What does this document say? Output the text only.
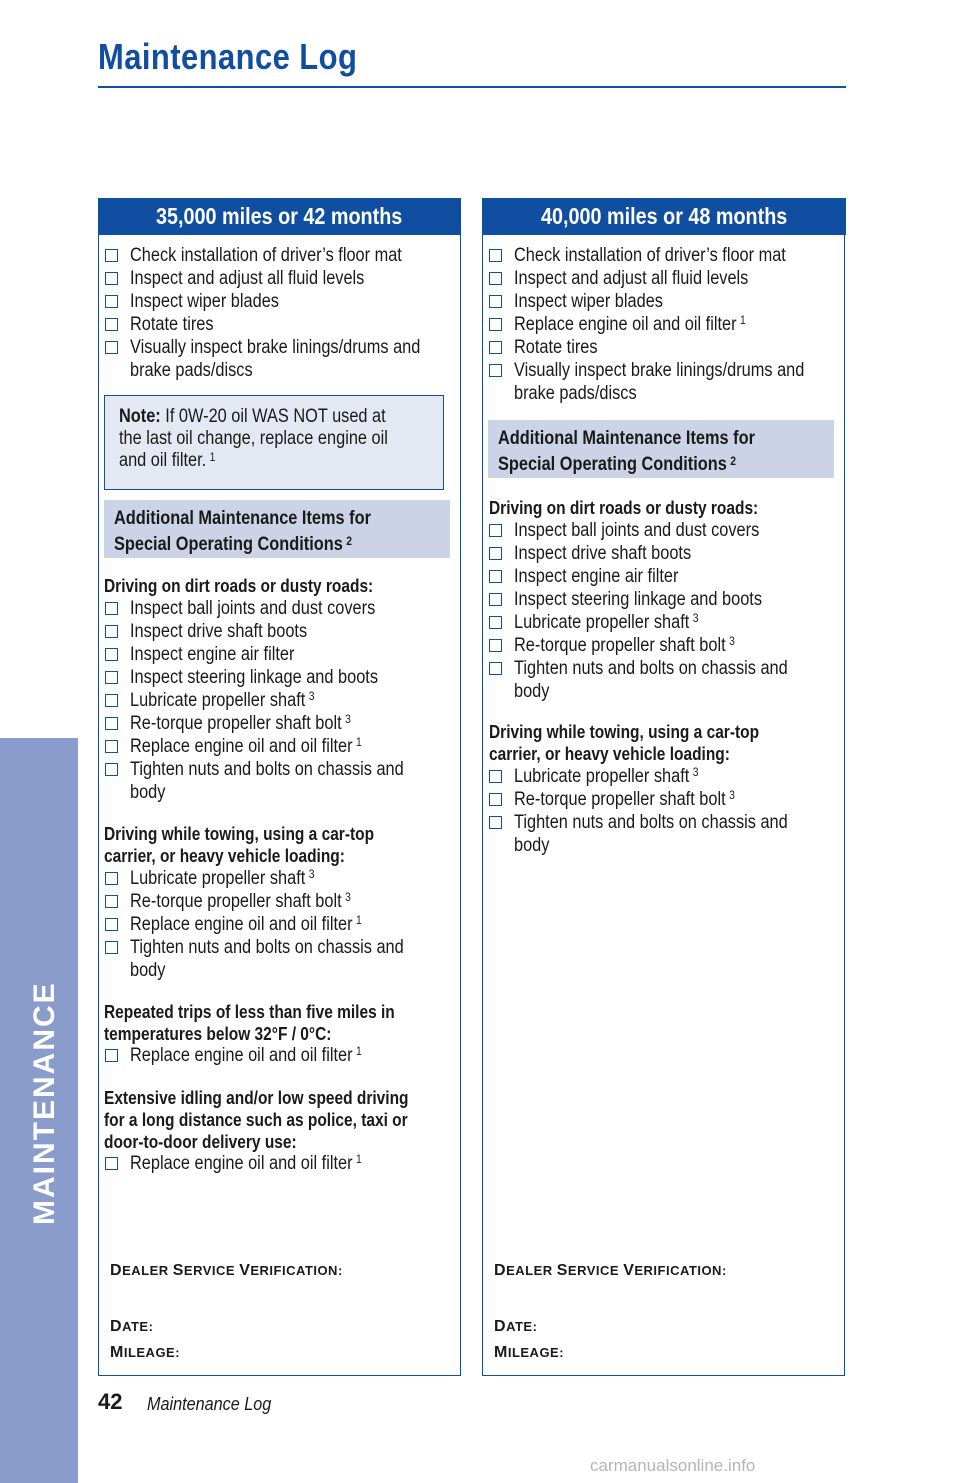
Maintenance Log
MAINTENANCE
35,000 miles or 42 months
Check installation of driver’s floor mat
Inspect and adjust all fluid levels
Inspect wiper blades
Rotate tires
Visually inspect brake linings/drums and
brake pads/discs
Inspect ball joints and dust covers
Inspect drive shaft boots
Inspect engine air filter
Inspect steering linkage and boots
Lubricate propeller shaft $^3$
Re-torque propeller shaft bolt $^3$
Replace engine oil and oil filter $^1$
Tighten nuts and bolts on chassis and
body
Lubricate propeller shaft $^3$
Re-torque propeller shaft bolt $^3$
Replace engine oil and oil filter $^1$
Tighten nuts and bolts on chassis and
body
Replace engine oil and oil filter $^1$
Replace engine oil and oil filter $^1$
Note: If 0W-20 oil WAS NOT used at the last oil change, replace engine oil and oil filter. $^1$
Additional Maintenance Items for
Special Operating Conditions $^2$
Driving on dirt roads or dusty roads:
Driving while towing, using a car-top
carrier, or heavy vehicle loading:
Repeated trips of less than five miles in
temperatures below 32°F / 0°C:
Extensive idling and/or low speed driving
for a long distance such as police, taxi or
door-to-door delivery use:
DEALER SERVICE VERIFICATION:
DATE:
MILEAGE:
40,000 miles or 48 months
Check installation of driver’s floor mat
Inspect and adjust all fluid levels
Inspect wiper blades
Replace engine oil and oil filter $^1$
Rotate tires
Visually inspect brake linings/drums and
brake pads/discs
Inspect ball joints and dust covers
Inspect drive shaft boots
Inspect engine air filter
Inspect steering linkage and boots
Lubricate propeller shaft $^3$
Re-torque propeller shaft bolt $^3$
Tighten nuts and bolts on chassis and
body
Lubricate propeller shaft $^3$
Re-torque propeller shaft bolt $^3$
Tighten nuts and bolts on chassis and
body
Additional Maintenance Items for
Special Operating Conditions $^2$
Driving on dirt roads or dusty roads:
Driving while towing, using a car-top
carrier, or heavy vehicle loading:
DEALER SERVICE VERIFICATION:
DATE:
MILEAGE:
42 Maintenance Log
carmanualsonline.info
